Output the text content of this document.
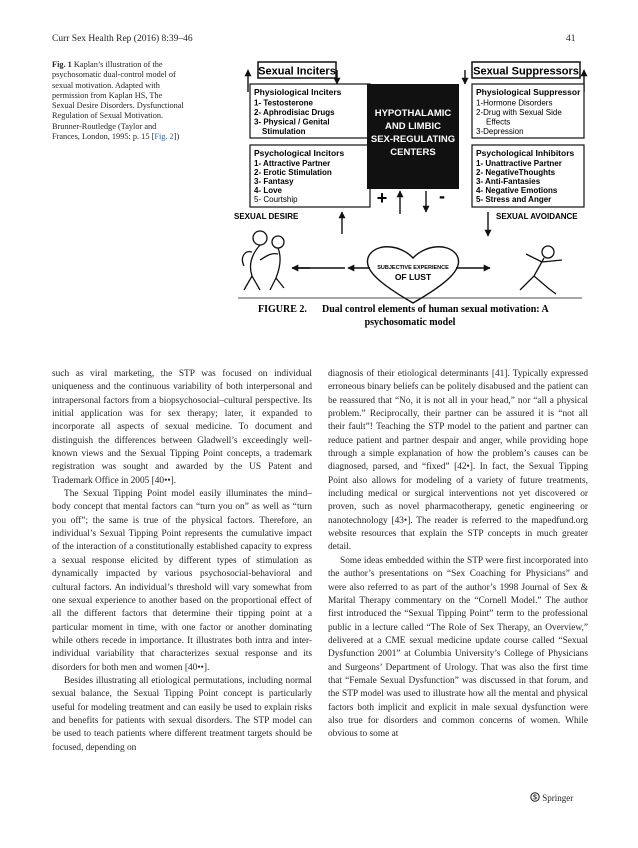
Curr Sex Health Rep (2016) 8:39–46	41
Fig. 1 Kaplan’s illustration of the psychosomatic dual-control model of sexual motivation. Adapted with permission from Kaplan HS, The Sexual Desire Disorders. Dysfunctional Regulation of Sexual Motivation. Brunner-Routledge (Taylor and Frances, London, 1995: p. 15 [Fig. 2])
Sexual Inciters	Sexual Suppressors
Physiological Inciters
1- Testosterone
2- Aphrodisiac Drugs
3- Physical / Genital
Stimulation
Psychological Incitors
1- Attractive Partner
2- Erotic Stimulation
3- Fantasy
4- Love
5- Courtship
HYPOTHALAMIC
AND LIMBIC
SEX-REGULATING
CENTERS
Physiological Suppressor
1-Hormone Disorders
2-Drug with Sexual Side
Effects
3-Depression
Psychological Inhibitors
1- Unattractive Partner
2- NegativeThoughts
3- Anti-Fantasies
4- Negative Emotions
5- Stress and Anger
+	-
SEXUAL DESIRE	SEXUAL AVOIDANCE
SUBJECTIVE EXPERIENCE
OF LUST
FIGURE 2. Dual control elements of human sexual motivation: A
psychosomatic model

such as viral marketing, the STP was focused on individual uniqueness and the continuous variability of both interpersonal and intrapersonal factors from a biopsychosocial–cultural perspective. Its initial application was for sex therapy; later, it expanded to incorporate all aspects of sexual medicine. To document and distinguish the differences between Gladwell’s exceedingly well-known views and the Sexual Tipping Point concepts, a trademark registration was sought and awarded by the US Patent and Trademark Office in 2005 [40••].

The Sexual Tipping Point model easily illuminates the mind–body concept that mental factors can “turn you on” as well as “turn you off”; the same is true of the physical factors. Therefore, an individual’s Sexual Tipping Point represents the cumulative impact of the interaction of a constitutionally established capacity to express a sexual response elicited by different types of stimulation as dynamically impacted by various psychosocial-behavioral and cultural factors. An individual’s threshold will vary somewhat from one sexual experience to another based on the proportional effect of all the different factors that determine their tipping point at a particular moment in time, with one factor or another dominating while others recede in importance. It illustrates both intra and inter-individual variability that characterizes sexual response and its disorders for both men and women [40••].

Besides illustrating all etiological permutations, including normal sexual balance, the Sexual Tipping Point concept is particularly useful for modeling treatment and can easily be used to explain risks and benefits for patients with sexual disorders. The STP model can be used to teach patients where different treatment targets should be focused, depending on

diagnosis of their etiological determinants [41]. Typically expressed erroneous binary beliefs can be politely disabused and the patient can be reassured that “No, it is not all in your head,” nor “all a physical problem.” Reciprocally, their partner can be assured it is “not all their fault”! Teaching the STP model to the patient and partner can reduce patient and partner despair and anger, while providing hope through a simple explanation of how the problem’s causes can be diagnosed, parsed, and “fixed” [42•]. In fact, the Sexual Tipping Point also allows for modeling of a variety of future treatments, including medical or surgical interventions not yet discovered or proven, such as novel pharmacotherapy, genetic engineering or nanotechnology [43•]. The reader is referred to the mapedfund.org website resources that explain the STP concepts in much greater detail.

Some ideas embedded within the STP were first incorporated into the author’s presentations on “Sex Coaching for Physicians” and were also referred to as part of the author’s 1998 Journal of Sex & Marital Therapy commentary on the “Cornell Model.” The author first introduced the “Sexual Tipping Point” term to the professional public in a lecture called “The Role of Sex Therapy, an Overview,” delivered at a CME sexual medicine update course called “Sexual Dysfunction 2001” at Columbia University’s College of Physicians and Surgeons’ Department of Urology. That was also the first time that “Female Sexual Dysfunction” was discussed in that forum, and the STP model was used to illustrate how all the mental and physical factors both implicit and explicit in male sexual dysfunction were also true for disorders and common concerns of women. While obvious to some at

Springer
